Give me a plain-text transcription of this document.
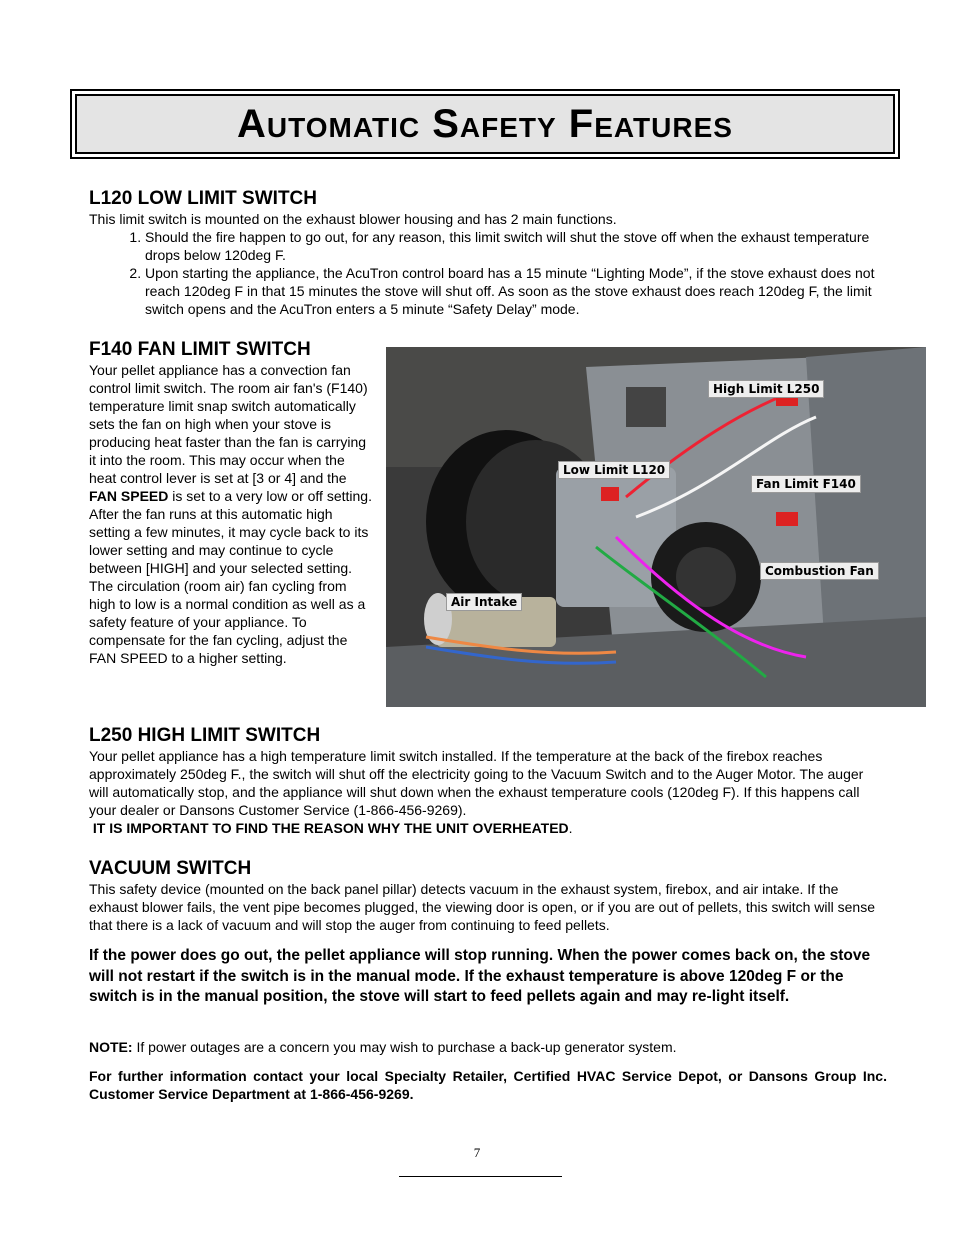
Automatic Safety Features
L120 LOW LIMIT SWITCH

This limit switch is mounted on the exhaust blower housing and has 2 main functions.

1. Should the fire happen to go out, for any reason, this limit switch will shut the stove off when the exhaust temperature drops below 120deg F.
2. Upon starting the appliance, the AcuTron control board has a 15 minute “Lighting Mode”, if the stove exhaust does not reach 120deg F in that 15 minutes the stove will shut off. As soon as the stove exhaust does reach 120deg F, the limit switch opens and the AcuTron enters a 5 minute “Safety Delay” mode.
F140 FAN LIMIT SWITCH

Your pellet appliance has a convection fan control limit switch. The room air fan's (F140) temperature limit snap switch automatically sets the fan on high when your stove is producing heat faster than the fan is carrying it into the room. This may occur when the heat control lever is set at [3 or 4] and the FAN SPEED is set to a very low or off setting. After the fan runs at this automatic high setting a few minutes, it may cycle back to its lower setting and may continue to cycle between [HIGH] and your selected setting. The circulation (room air) fan cycling from high to low is a normal condition as well as a safety feature of your appliance. To compensate for the fan cycling, adjust the FAN SPEED to a higher setting.

High Limit L250
Low Limit L120
Fan Limit F140
Combustion Fan
Air Intake
L250 HIGH LIMIT SWITCH

Your pellet appliance has a high temperature limit switch installed. If the temperature at the back of the firebox reaches approximately 250deg F., the switch will shut off the electricity going to the Vacuum Switch and to the Auger Motor. The auger will automatically stop, and the appliance will shut down when the exhaust temperature cools (120deg F). If this happens call your dealer or Dansons Customer Service (1-866-456-9269).

IT IS IMPORTANT TO FIND THE REASON WHY THE UNIT OVERHEATED.

VACUUM SWITCH

This safety device (mounted on the back panel pillar) detects vacuum in the exhaust system, firebox, and air intake. If the exhaust blower fails, the vent pipe becomes plugged, the viewing door is open, or if you are out of pellets, this switch will sense that there is a lack of vacuum and will stop the auger from continuing to feed pellets.

If the power does go out, the pellet appliance will stop running. When the power comes back on, the stove will not restart if the switch is in the manual mode. If the exhaust temperature is above 120deg F or the switch is in the manual position, the stove will start to feed pellets again and may re-light itself.

NOTE: If power outages are a concern you may wish to purchase a back-up generator system.

For further information contact your local Specialty Retailer, Certified HVAC Service Depot, or Dansons Group Inc. Customer Service Department at 1-866-456-9269.

7
